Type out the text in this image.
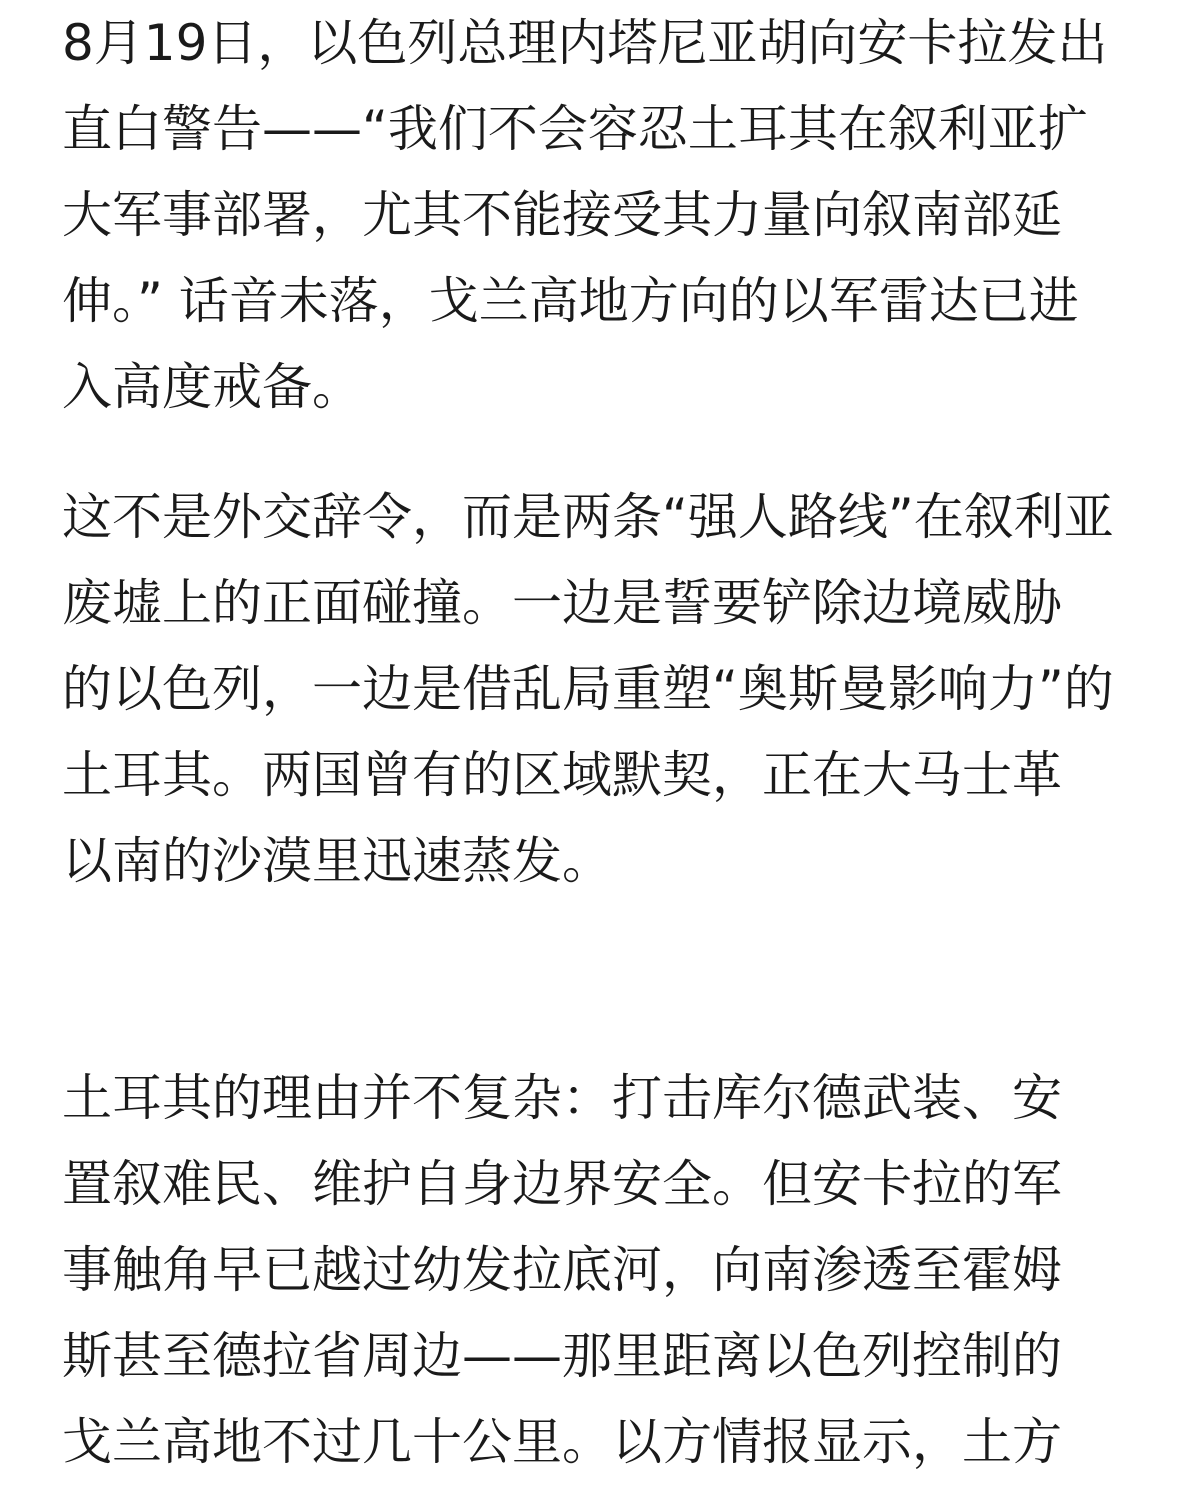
8月19日，以色列总理内塔尼亚胡向安卡拉发出
直白警告——“我们不会容忍土耳其在叙利亚扩
大军事部署，尤其不能接受其力量向叙南部延
伸。” 话音未落，戈兰高地方向的以军雷达已进
入高度戒备。

这不是外交辞令，而是两条“强人路线”在叙利亚
废墟上的正面碰撞。一边是誓要铲除边境威胁
的以色列，一边是借乱局重塑“奥斯曼影响力”的
土耳其。两国曾有的区域默契，正在大马士革
以南的沙漠里迅速蒸发。

土耳其的理由并不复杂：打击库尔德武装、安
置叙难民、维护自身边界安全。但安卡拉的军
事触角早已越过幼发拉底河，向南渗透至霍姆
斯甚至德拉省周边——那里距离以色列控制的
戈兰高地不过几十公里。以方情报显示，土方
